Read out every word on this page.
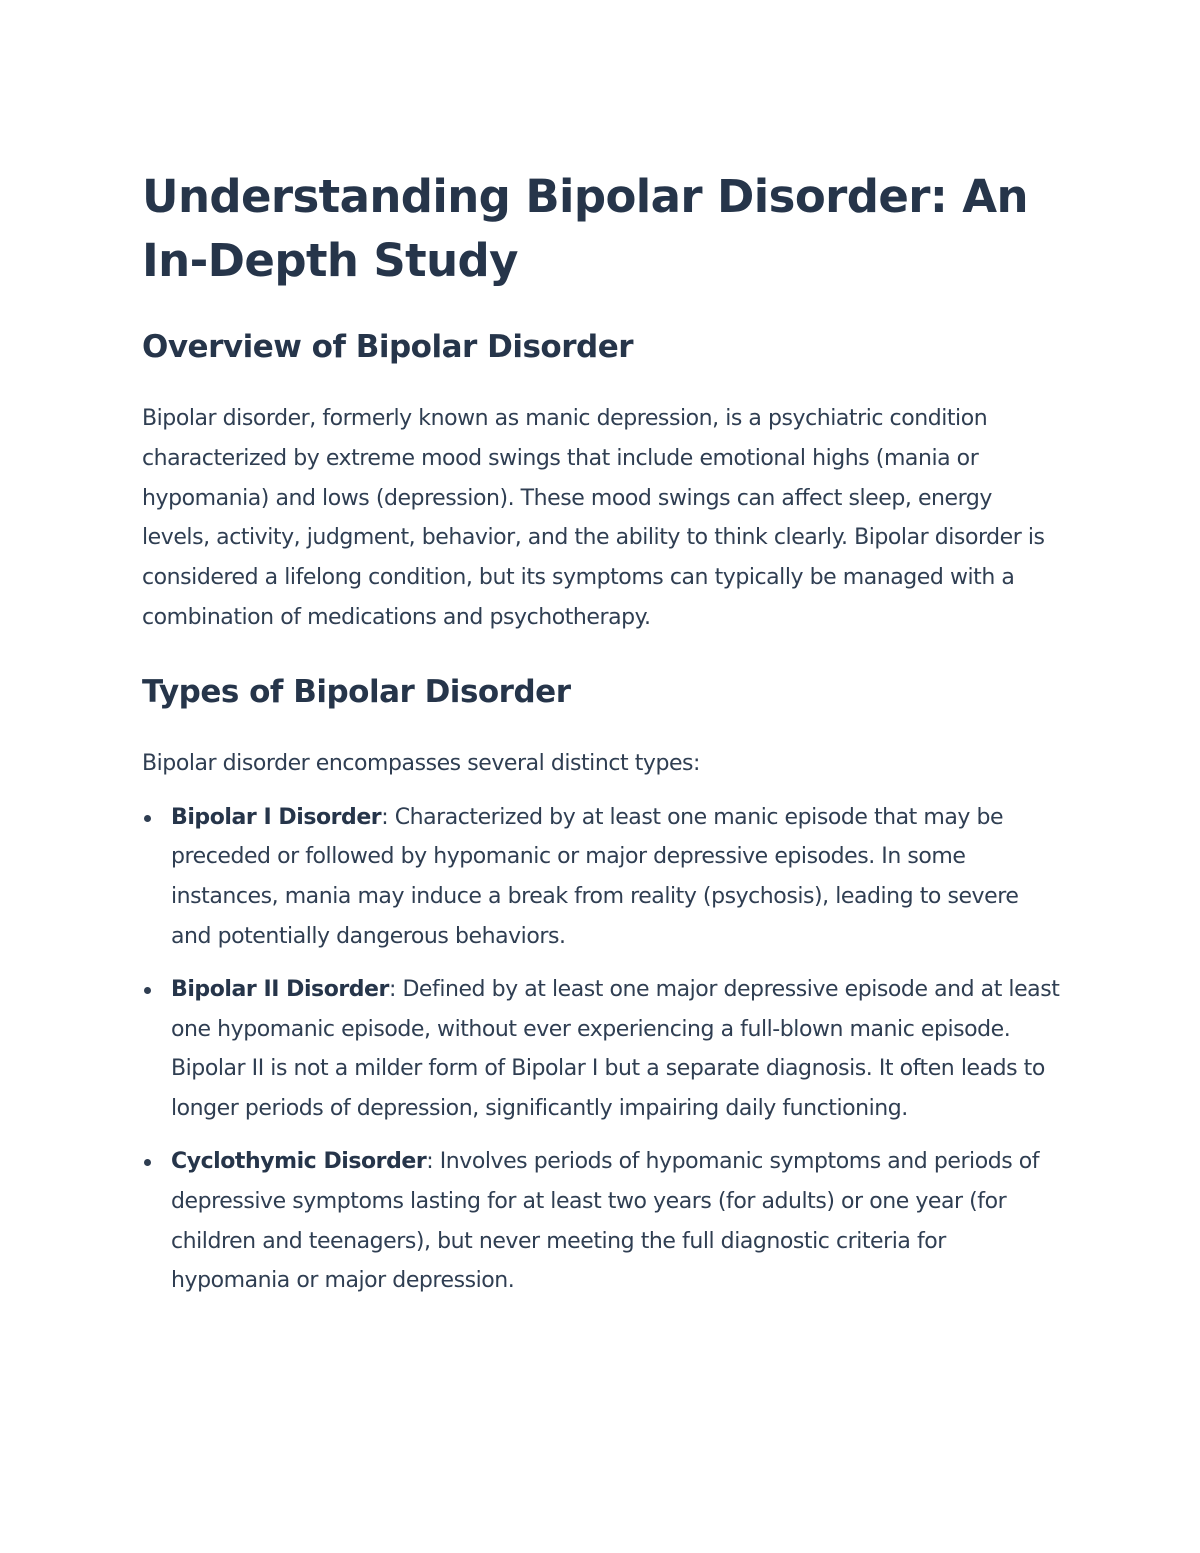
Understanding Bipolar Disorder: An In-Depth Study
Overview of Bipolar Disorder

Bipolar disorder, formerly known as manic depression, is a psychiatric condition characterized by extreme mood swings that include emotional highs (mania or hypomania) and lows (depression). These mood swings can affect sleep, energy levels, activity, judgment, behavior, and the ability to think clearly. Bipolar disorder is considered a lifelong condition, but its symptoms can typically be managed with a combination of medications and psychotherapy.

Types of Bipolar Disorder

Bipolar disorder encompasses several distinct types:

Bipolar I Disorder: Characterized by at least one manic episode that may be preceded or followed by hypomanic or major depressive episodes. In some instances, mania may induce a break from reality (psychosis), leading to severe and potentially dangerous behaviors.
Bipolar II Disorder: Defined by at least one major depressive episode and at least one hypomanic episode, without ever experiencing a full-blown manic episode. Bipolar II is not a milder form of Bipolar I but a separate diagnosis. It often leads to longer periods of depression, significantly impairing daily functioning.
Cyclothymic Disorder: Involves periods of hypomanic symptoms and periods of depressive symptoms lasting for at least two years (for adults) or one year (for children and teenagers), but never meeting the full diagnostic criteria for hypomania or major depression.
